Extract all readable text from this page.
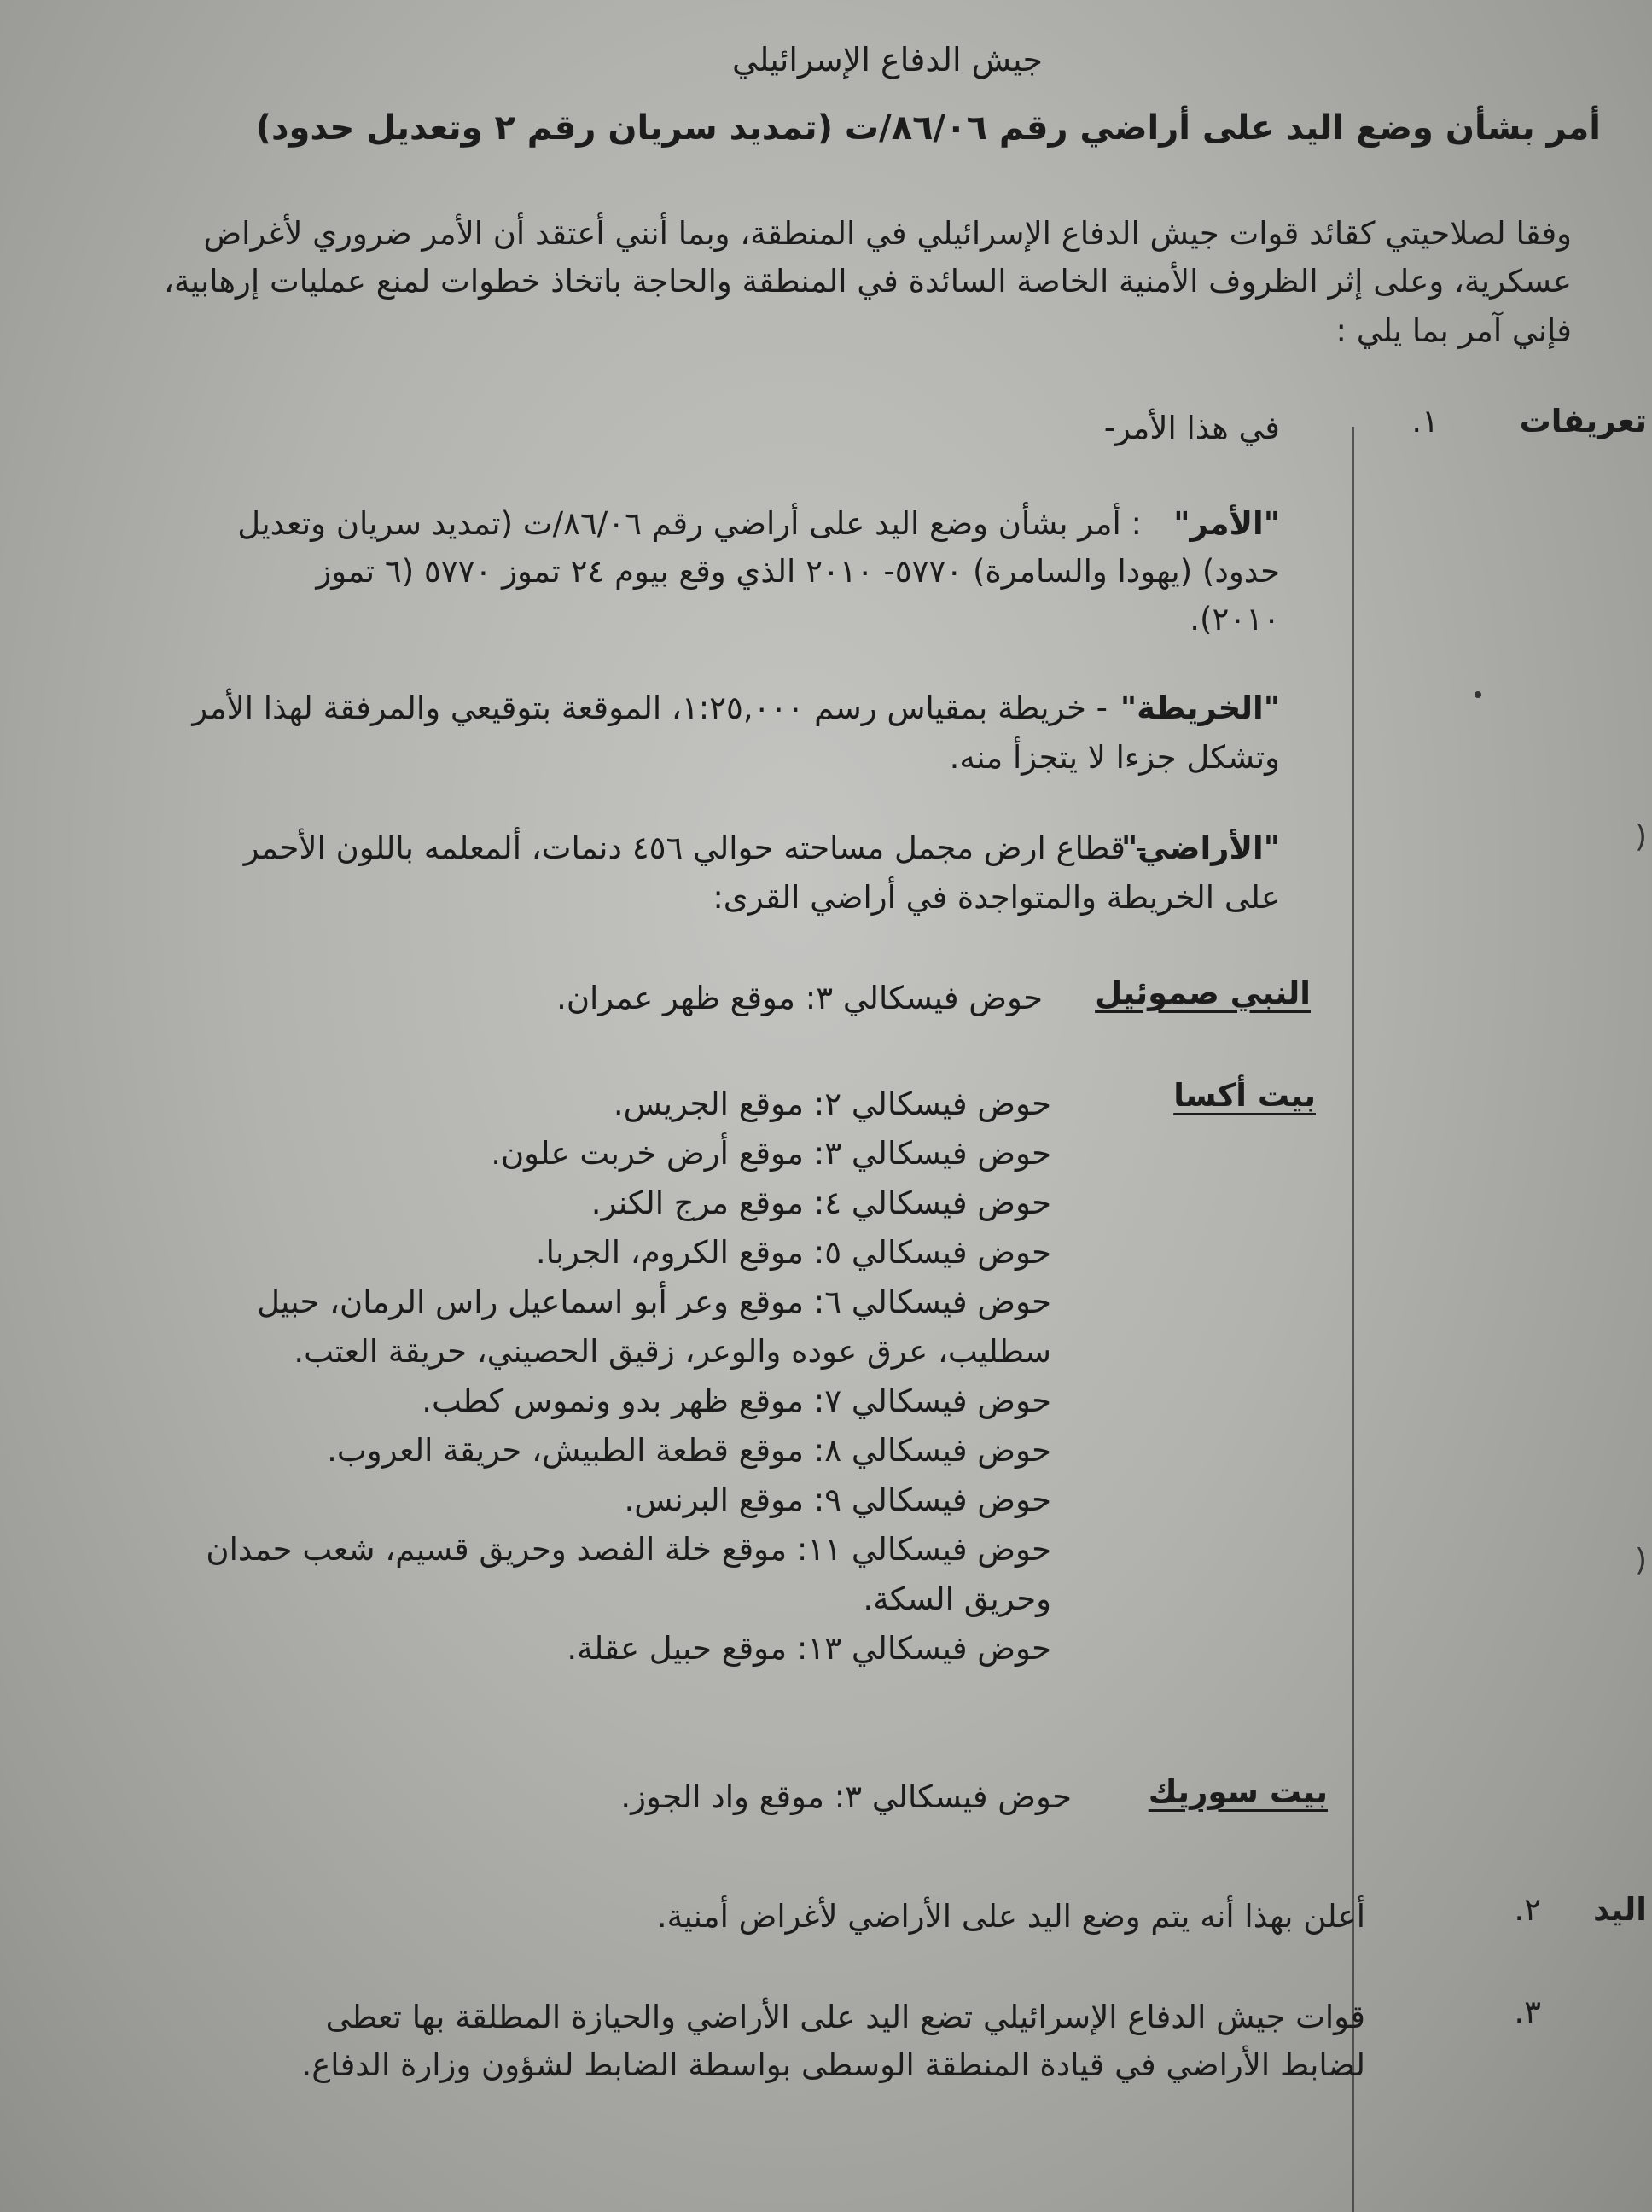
جيش الدفاع الإسرائيلي
أمر بشأن وضع اليد على أراضي رقم ٨٦/٠٦/ت (تمديد سريان رقم ٢ وتعديل حدود)
وفقا لصلاحيتي كقائد قوات جيش الدفاع الإسرائيلي في المنطقة، وبما أنني أعتقد أن الأمر ضروري لأغراض
عسكرية، وعلى إثر الظروف الأمنية الخاصة السائدة في المنطقة والحاجة باتخاذ خطوات لمنع عمليات إرهابية،
فإني آمر بما يلي :
تعريفات
١.
في هذا الأمر-
"الأمر"
: أمر بشأن وضع اليد على أراضي رقم ٨٦/٠٦/ت (تمديد سريان وتعديل
حدود) (يهودا والسامرة) ٥٧٧٠- ٢٠١٠ الذي وقع بيوم ٢٤ تموز ٥٧٧٠ (٦ تموز
٢٠١٠).
"الخريطة"
- خريطة بمقياس رسم ١:٢٥,٠٠٠، الموقعة بتوقيعي والمرفقة لهذا الأمر
وتشكل جزءا لا يتجزأ منه.
"الأراضي"
- قطاع ارض مجمل مساحته حوالي ٤٥٦ دنمات، ألمعلمه باللون الأحمر
على الخريطة والمتواجدة في أراضي القرى:
النبي صموئيل
حوض فيسكالي ٣: موقع ظهر عمران.
بيت أكسا
حوض فيسكالي ٢: موقع الجريس.
حوض فيسكالي ٣: موقع أرض خربت علون.
حوض فيسكالي ٤: موقع مرج الكنر.
حوض فيسكالي ٥: موقع الكروم، الجربا.
حوض فيسكالي ٦: موقع وعر أبو اسماعيل راس الرمان، حبيل
سطليب، عرق عوده والوعر، زقيق الحصيني، حريقة العتب.
حوض فيسكالي ٧: موقع ظهر بدو ونموس كطب.
حوض فيسكالي ٨: موقع قطعة الطبيش، حريقة العروب.
حوض فيسكالي ٩: موقع البرنس.
حوض فيسكالي ١١: موقع خلة الفصد وحريق قسيم، شعب حمدان
وحريق السكة.
حوض فيسكالي ١٣: موقع حبيل عقلة.
بيت سوريك
حوض فيسكالي ٣: موقع واد الجوز.
اليد
٢.
أعلن بهذا أنه يتم وضع اليد على الأراضي لأغراض أمنية.
٣.
قوات جيش الدفاع الإسرائيلي تضع اليد على الأراضي والحيازة المطلقة بها تعطى
لضابط الأراضي في قيادة المنطقة الوسطى بواسطة الضابط لشؤون وزارة الدفاع.
)
)
